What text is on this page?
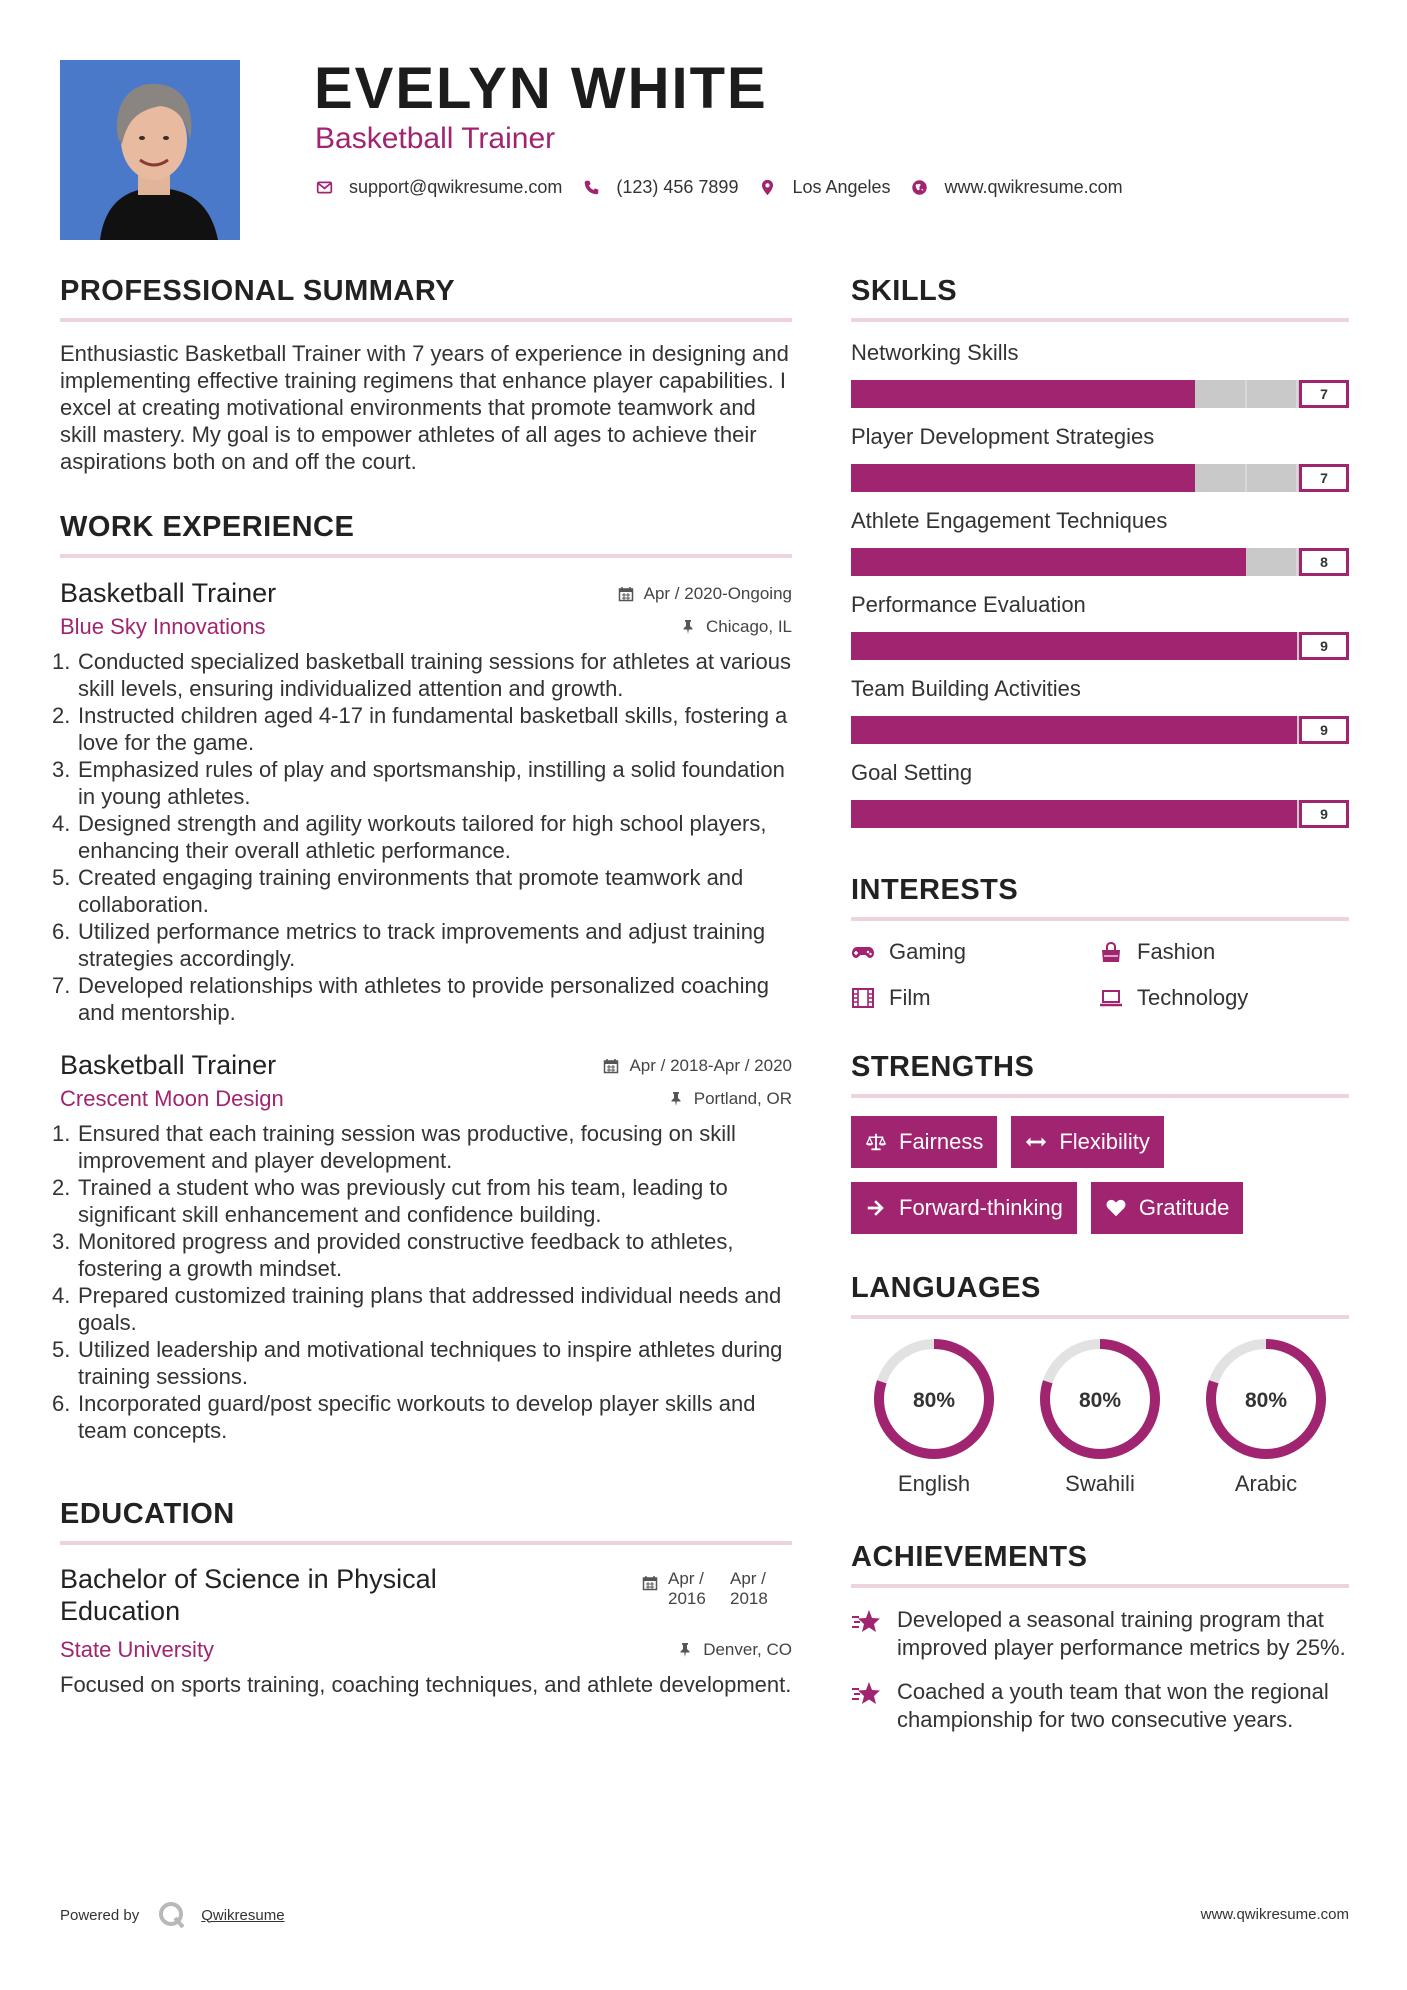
EVELYN WHITE
Basketball Trainer
support@qwikresume.com	(123) 456 7899	Los Angeles	www.qwikresume.com
PROFESSIONAL SUMMARY

Enthusiastic Basketball Trainer with 7 years of experience in designing and implementing effective training regimens that enhance player capabilities. I excel at creating motivational environments that promote teamwork and skill mastery. My goal is to empower athletes of all ages to achieve their aspirations both on and off the court.

WORK EXPERIENCE
Basketball Trainer	Apr / 2020-Ongoing
Blue Sky Innovations	Chicago, IL
1. Conducted specialized basketball training sessions for athletes at various skill levels, ensuring individualized attention and growth.
2. Instructed children aged 4-17 in fundamental basketball skills, fostering a love for the game.
3. Emphasized rules of play and sportsmanship, instilling a solid foundation in young athletes.
4. Designed strength and agility workouts tailored for high school players, enhancing their overall athletic performance.
5. Created engaging training environments that promote teamwork and collaboration.
6. Utilized performance metrics to track improvements and adjust training strategies accordingly.
7. Developed relationships with athletes to provide personalized coaching and mentorship.
Basketball Trainer	Apr / 2018-Apr / 2020
Crescent Moon Design	Portland, OR
1. Ensured that each training session was productive, focusing on skill improvement and player development.
2. Trained a student who was previously cut from his team, leading to significant skill enhancement and confidence building.
3. Monitored progress and provided constructive feedback to athletes, fostering a growth mindset.
4. Prepared customized training plans that addressed individual needs and goals.
5. Utilized leadership and motivational techniques to inspire athletes during training sessions.
6. Incorporated guard/post specific workouts to develop player skills and team concepts.
EDUCATION
Bachelor of Science in Physical Education
Apr / 2016
Apr / 2018
State University	Denver, CO
Focused on sports training, coaching techniques, and athlete development.
SKILLS
Networking Skills
7
Player Development Strategies
7
Athlete Engagement Techniques
8
Performance Evaluation
9
Team Building Activities
9
Goal Setting
9
INTERESTS
Gaming	Fashion
Film	Technology
STRENGTHS
Fairness	Flexibility
Forward-thinking	Gratitude
LANGUAGES
80%
English
80%
Swahili
80%
Arabic
ACHIEVEMENTS
Developed a seasonal training program that improved player performance metrics by 25%.
Coached a youth team that won the regional championship for two consecutive years.
Powered by	Qwikresume	www.qwikresume.com
